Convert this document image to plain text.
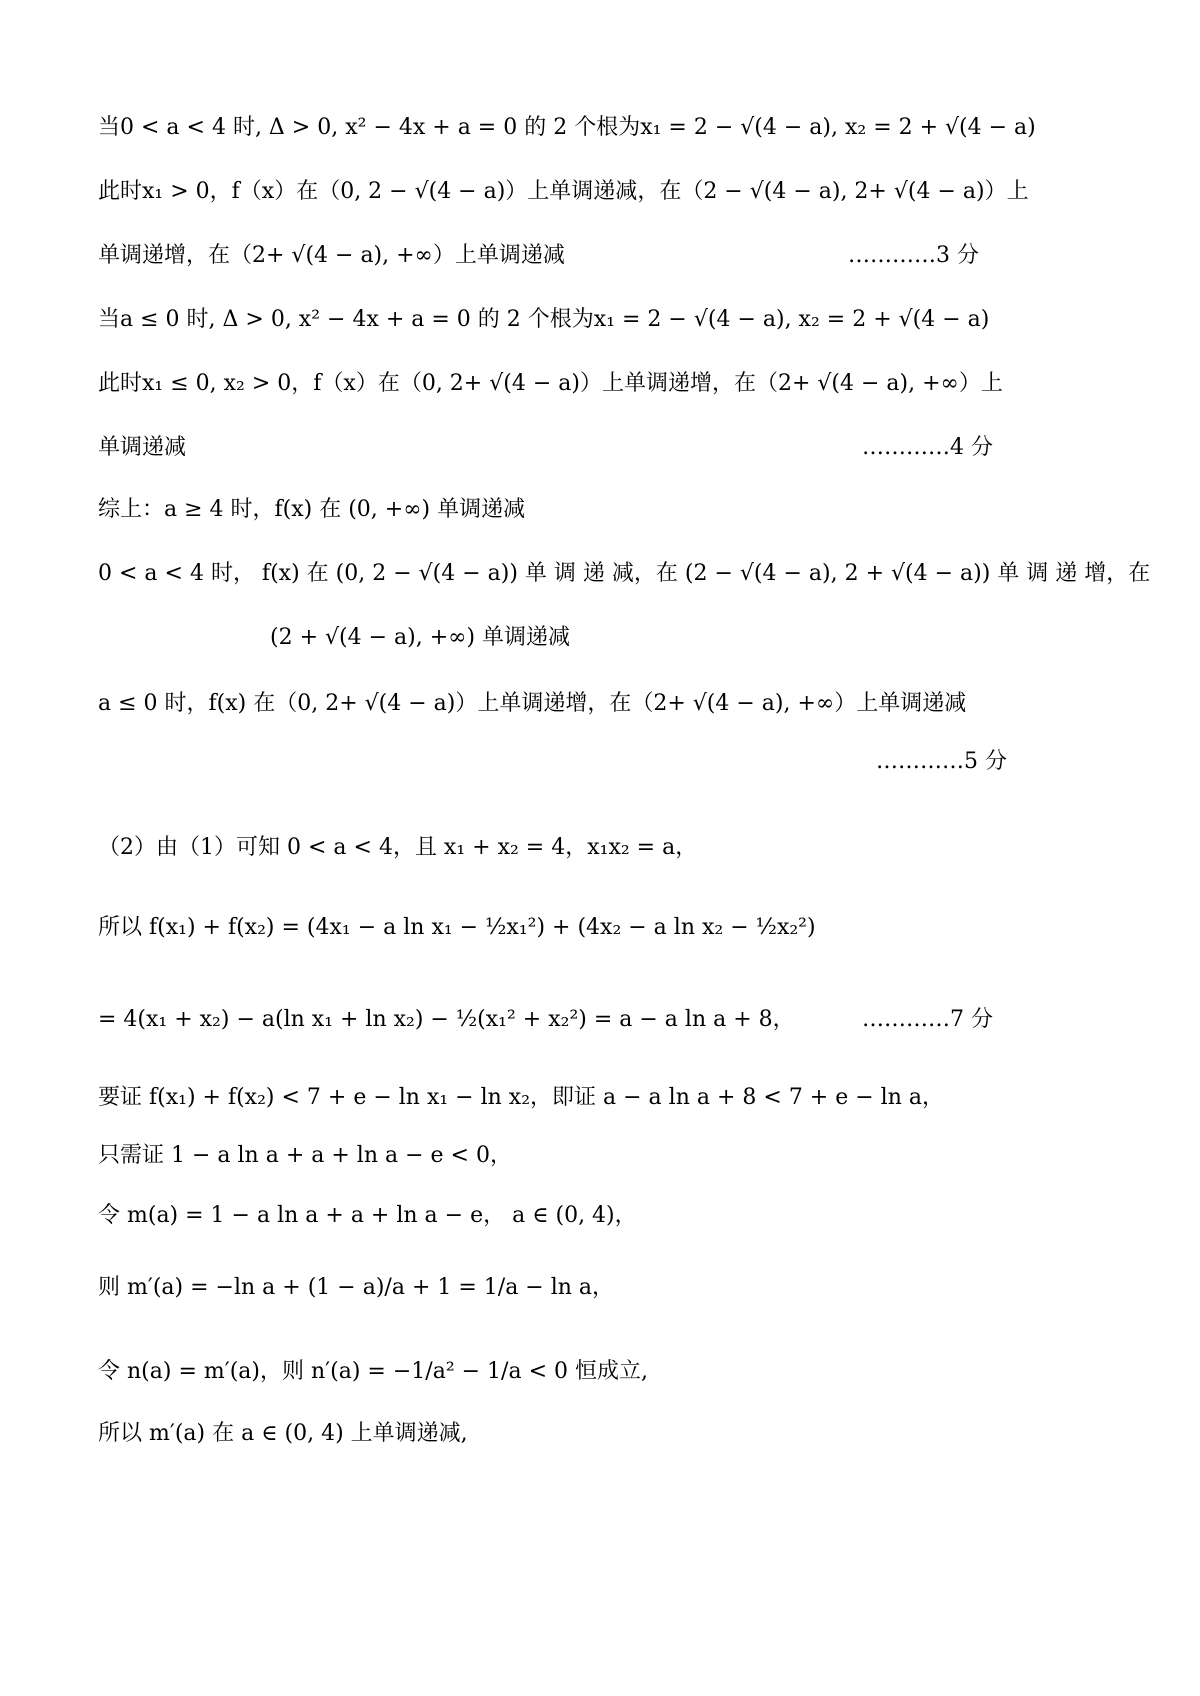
当0 < a < 4 时, Δ > 0, x² − 4x + a = 0 的 2 个根为x₁ = 2 − √(4 − a), x₂ = 2 + √(4 − a)
此时x₁ > 0，f（x）在（0, 2 − √(4 − a)）上单调递减，在（2 − √(4 − a), 2+ √(4 − a)）上
单调递增，在（2+ √(4 − a), +∞）上单调递减	…………3 分
当a ≤ 0 时, Δ > 0, x² − 4x + a = 0 的 2 个根为x₁ = 2 − √(4 − a), x₂ = 2 + √(4 − a)
此时x₁ ≤ 0, x₂ > 0，f（x）在（0, 2+ √(4 − a)）上单调递增，在（2+ √(4 − a), +∞）上
单调递减	…………4 分
综上：a ≥ 4 时，f(x) 在 (0, +∞) 单调递减
0 < a < 4 时， f(x) 在 (0, 2 − √(4 − a)) 单 调 递 减，在 (2 − √(4 − a), 2 + √(4 − a)) 单 调 递 增，在
(2 + √(4 − a), +∞) 单调递减
a ≤ 0 时，f(x) 在（0, 2+ √(4 − a)）上单调递增，在（2+ √(4 − a), +∞）上单调递减
…………5 分
（2）由（1）可知 0 < a < 4，且 x₁ + x₂ = 4，x₁x₂ = a，
所以 f(x₁) + f(x₂) = (4x₁ − a ln x₁ − ½x₁²) + (4x₂ − a ln x₂ − ½x₂²)
= 4(x₁ + x₂) − a(ln x₁ + ln x₂) − ½(x₁² + x₂²) = a − a ln a + 8，	…………7 分
要证 f(x₁) + f(x₂) < 7 + e − ln x₁ − ln x₂，即证 a − a ln a + 8 < 7 + e − ln a，
只需证 1 − a ln a + a + ln a − e < 0，
令 m(a) = 1 − a ln a + a + ln a − e， a ∈ (0, 4)，
则 m′(a) = −ln a + (1 − a)/a + 1 = 1/a − ln a，
令 n(a) = m′(a)，则 n′(a) = −1/a² − 1/a < 0 恒成立,
所以 m′(a) 在 a ∈ (0, 4) 上单调递减,
